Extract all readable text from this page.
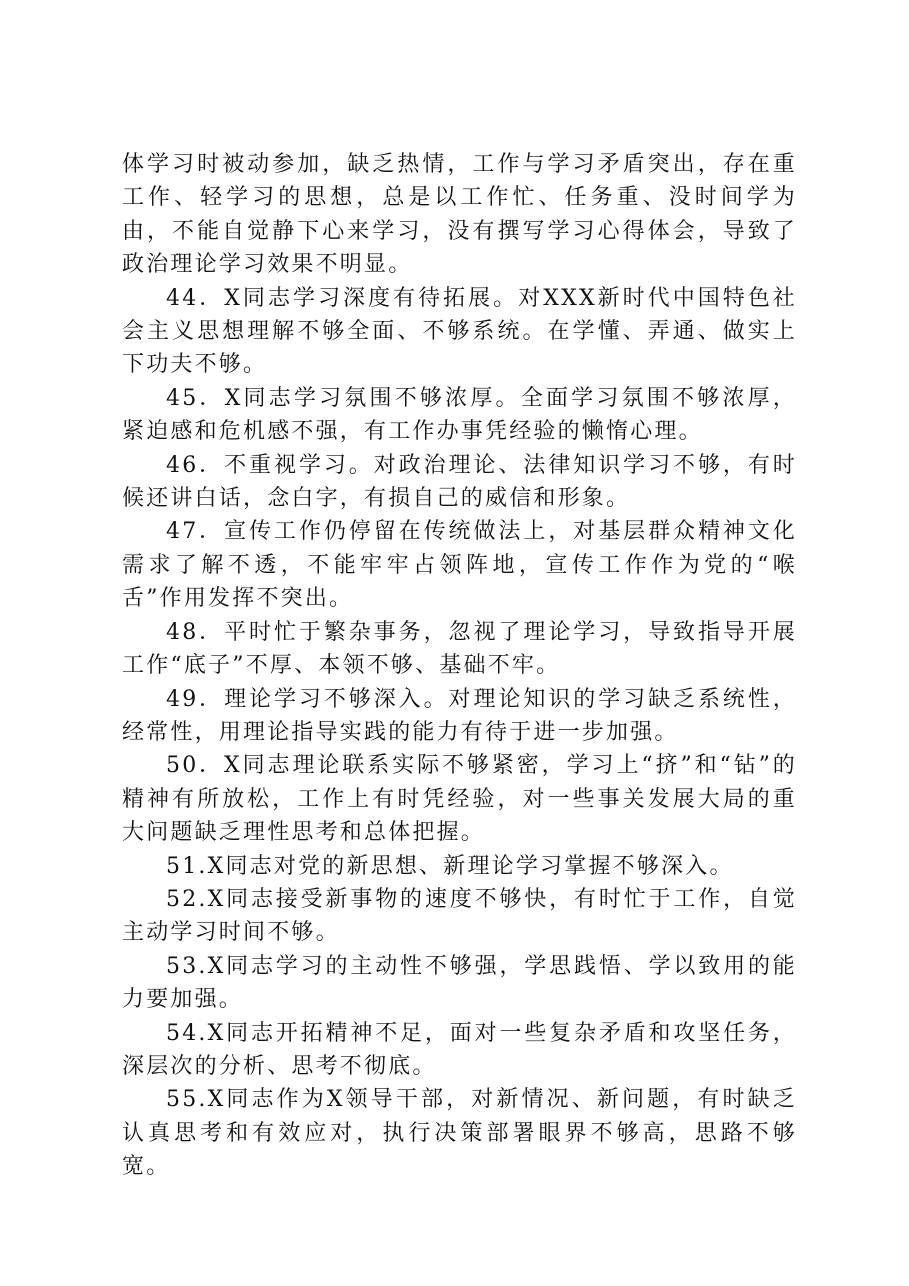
体学习时被动参加，缺乏热情，工作与学习矛盾突出，存在重工作、轻学习的思想，总是以工作忙、任务重、没时间学为由，不能自觉静下心来学习，没有撰写学习心得体会，导致了政治理论学习效果不明显。

44．X同志学习深度有待拓展。对XXX新时代中国特色社会主义思想理解不够全面、不够系统。在学懂、弄通、做实上下功夫不够。

45．X同志学习氛围不够浓厚。全面学习氛围不够浓厚，紧迫感和危机感不强，有工作办事凭经验的懒惰心理。

46．不重视学习。对政治理论、法律知识学习不够，有时候还讲白话，念白字，有损自己的威信和形象。

47．宣传工作仍停留在传统做法上，对基层群众精神文化需求了解不透，不能牢牢占领阵地，宣传工作作为党的“喉舌”作用发挥不突出。

48．平时忙于繁杂事务，忽视了理论学习，导致指导开展工作“底子”不厚、本领不够、基础不牢。

49．理论学习不够深入。对理论知识的学习缺乏系统性，经常性，用理论指导实践的能力有待于进一步加强。

50．X同志理论联系实际不够紧密，学习上“挤”和“钻”的精神有所放松，工作上有时凭经验，对一些事关发展大局的重大问题缺乏理性思考和总体把握。

51.X同志对党的新思想、新理论学习掌握不够深入。

52.X同志接受新事物的速度不够快，有时忙于工作，自觉主动学习时间不够。

53.X同志学习的主动性不够强，学思践悟、学以致用的能力要加强。

54.X同志开拓精神不足，面对一些复杂矛盾和攻坚任务，深层次的分析、思考不彻底。

55.X同志作为X领导干部，对新情况、新问题，有时缺乏认真思考和有效应对，执行决策部署眼界不够高，思路不够宽。
